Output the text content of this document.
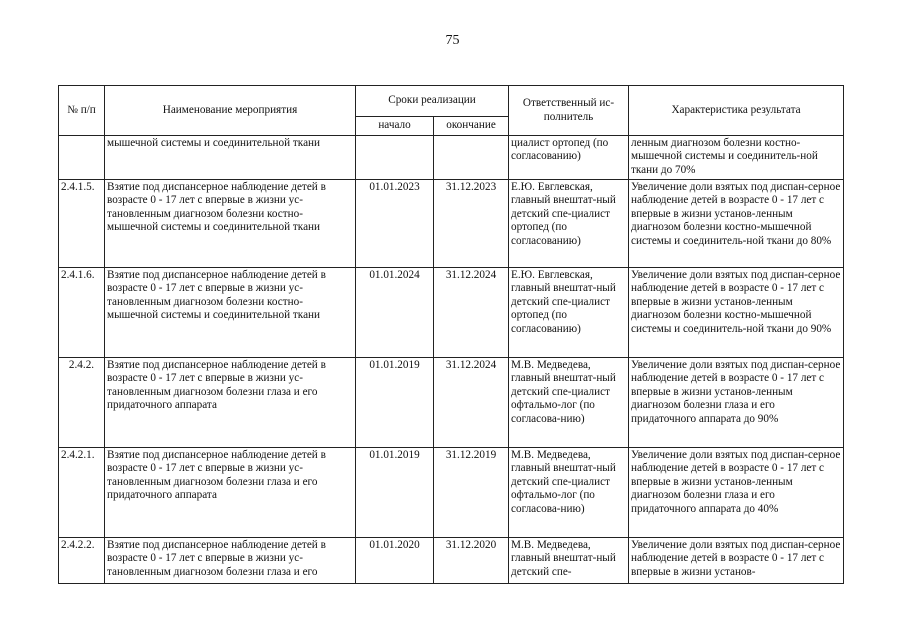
75
№ п/п	Наименование мероприятия	Сроки реализации		Ответственный ис-полнитель	Характеристика результата
		начало	окончание		
	мышечной системы и соединительной ткани			циалист ортопед (по согласованию)	ленным диагнозом болезни костно-мышечной системы и соединитель-ной ткани до 70%
2.4.1.5.	Взятие под диспансерное наблюдение детей в возрасте 0 - 17 лет с впервые в жизни ус-тановленным диагнозом болезни костно-мышечной системы и соединительной ткани	01.01.2023	31.12.2023	Е.Ю. Евглевская, главный внештат-ный детский спе-циалист ортопед (по согласованию)	Увеличение доли взятых под диспан-серное наблюдение детей в возрасте 0 - 17 лет с впервые в жизни установ-ленным диагнозом болезни костно-мышечной системы и соединитель-ной ткани до 80%
2.4.1.6.	Взятие под диспансерное наблюдение детей в возрасте 0 - 17 лет с впервые в жизни ус-тановленным диагнозом болезни костно-мышечной системы и соединительной ткани	01.01.2024	31.12.2024	Е.Ю. Евглевская, главный внештат-ный детский спе-циалист ортопед (по согласованию)	Увеличение доли взятых под диспан-серное наблюдение детей в возрасте 0 - 17 лет с впервые в жизни установ-ленным диагнозом болезни костно-мышечной системы и соединитель-ной ткани до 90%
2.4.2.	Взятие под диспансерное наблюдение детей в возрасте 0 - 17 лет с впервые в жизни ус-тановленным диагнозом болезни глаза и его придаточного аппарата	01.01.2019	31.12.2024	М.В. Медведева, главный внештат-ный детский спе-циалист офтальмо-лог (по согласова-нию)	Увеличение доли взятых под диспан-серное наблюдение детей в возрасте 0 - 17 лет с впервые в жизни установ-ленным диагнозом болезни глаза и его придаточного аппарата до 90%
2.4.2.1.	Взятие под диспансерное наблюдение детей в возрасте 0 - 17 лет с впервые в жизни ус-тановленным диагнозом болезни глаза и его придаточного аппарата	01.01.2019	31.12.2019	М.В. Медведева, главный внештат-ный детский спе-циалист офтальмо-лог (по согласова-нию)	Увеличение доли взятых под диспан-серное наблюдение детей в возрасте 0 - 17 лет с впервые в жизни установ-ленным диагнозом болезни глаза и его придаточного аппарата до 40%
2.4.2.2.	Взятие под диспансерное наблюдение детей в возрасте 0 - 17 лет с впервые в жизни ус-тановленным диагнозом болезни глаза и его	01.01.2020	31.12.2020	М.В. Медведева, главный внештат-ный детский спе-	Увеличение доли взятых под диспан-серное наблюдение детей в возрасте 0 - 17 лет с впервые в жизни установ-
